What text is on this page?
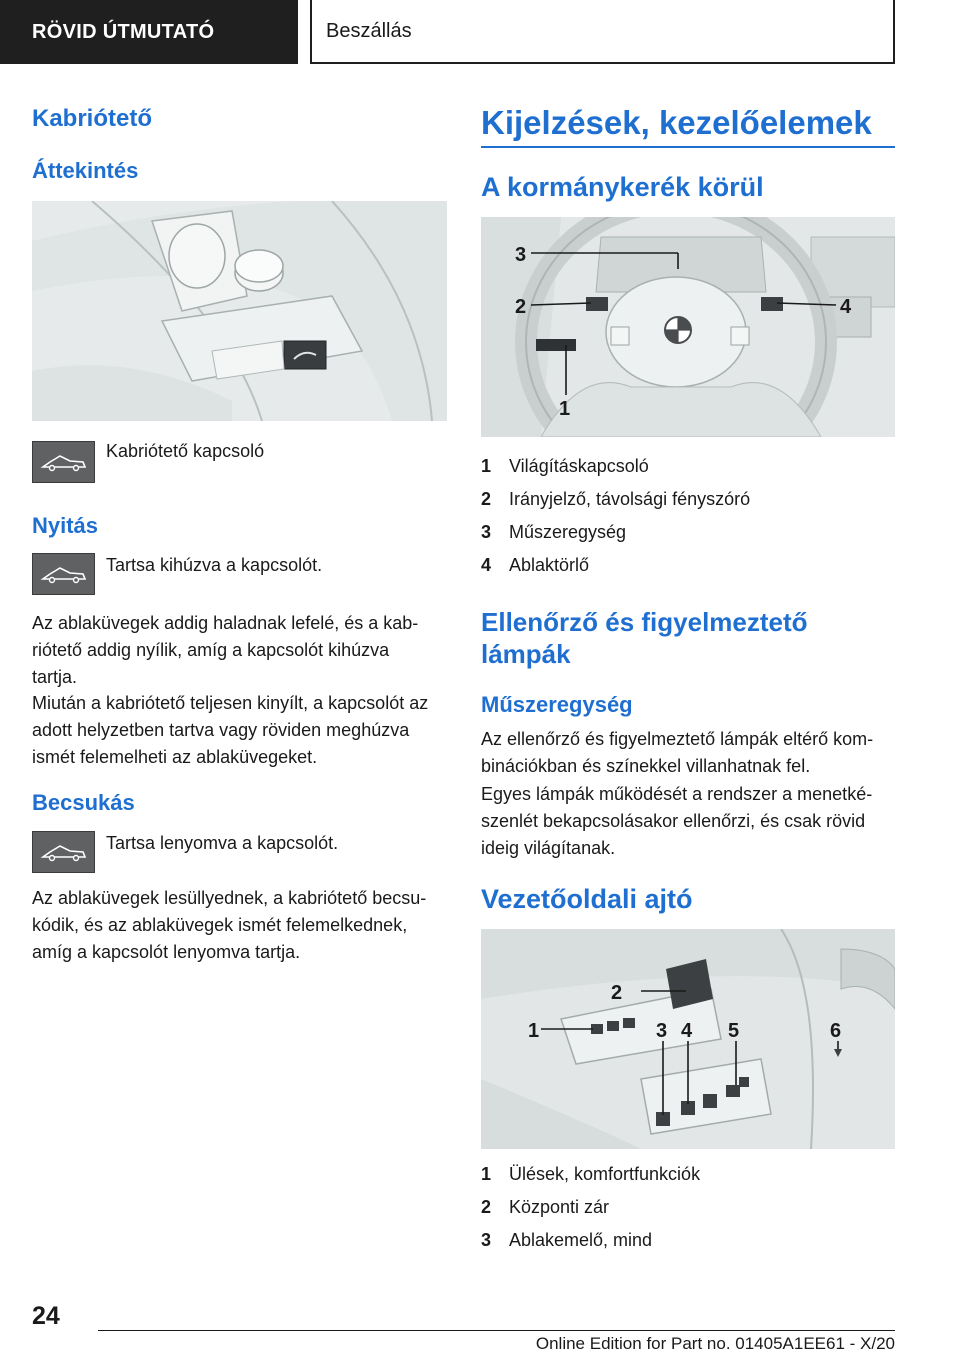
RÖVID ÚTMUTATÓ	Beszállás
Kabriótető
Áttekintés
Kabriótető kapcsoló
Nyitás
Tartsa kihúzva a kapcsolót.
Az ablaküvegek addig haladnak lefelé, és a kab-
riótető addig nyílik, amíg a kapcsolót kihúzva
tartja.
Miután a kabriótető teljesen kinyílt, a kapcsolót az
adott helyzetben tartva vagy röviden meghúzva
ismét felemelheti az ablaküvegeket.
Becsukás
Tartsa lenyomva a kapcsolót.
Az ablaküvegek lesüllyednek, a kabriótető becsu-
kódik, és az ablaküvegek ismét felemelkednek,
amíg a kapcsolót lenyomva tartja.
Kijelzések, kezelőelemek
A kormánykerék körül
3
2	4
1
1 Világításkapcsoló
2 Irányjelző, távolsági fényszóró
3 Műszeregység
4 Ablaktörlő
Ellenőrző és figyelmeztető
lámpák
Műszeregység
Az ellenőrző és figyelmeztető lámpák eltérő kom-
binációkban és színekkel villanhatnak fel.
Egyes lámpák működését a rendszer a menetké-
szenlét bekapcsolásakor ellenőrzi, és csak rövid
ideig világítanak.
Vezetőoldali ajtó
2
1	3 4 5	6
1 Ülések, komfortfunkciók
2 Központi zár
3 Ablakemelő, mind
24
Online Edition for Part no. 01405A1EE61 - X/20
